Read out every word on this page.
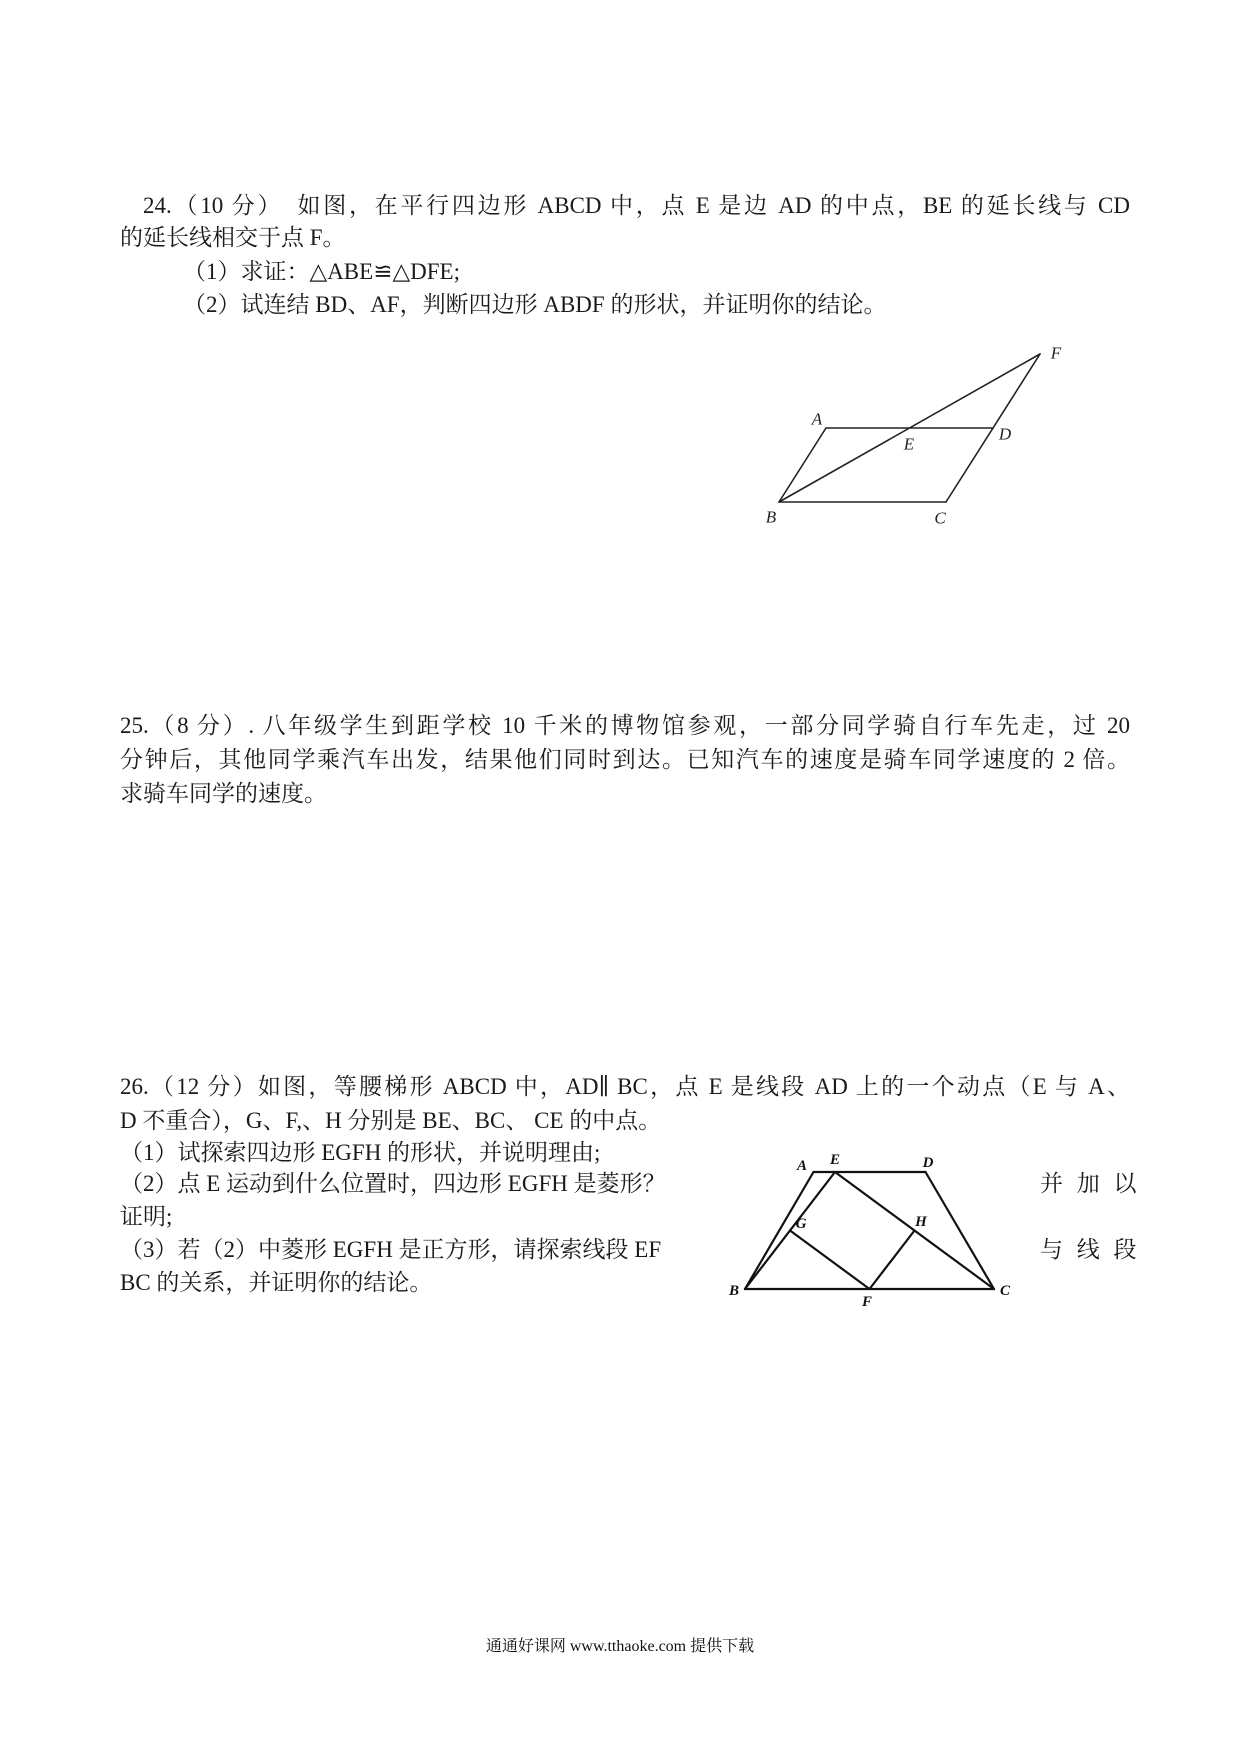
24.（10 分）　如图，在平行四边形 ABCD 中，点 E 是边 AD 的中点，BE 的延长线与 CD
的延长线相交于点 F。
（1）求证：△ABE≌△DFE;
（2）试连结 BD、AF，判断四边形 ABDF 的形状，并证明你的结论。
A
E
D
F
B	C
25.（8 分）. 八年级学生到距学校 10 千米的博物馆参观，一部分同学骑自行车先走，过 20
分钟后，其他同学乘汽车出发，结果他们同时到达。已知汽车的速度是骑车同学速度的 2 倍。
求骑车同学的速度。
26.（12 分）如图，等腰梯形 ABCD 中，AD∥ BC，点 E 是线段 AD 上的一个动点（E 与 A、
D 不重合），G、F,、H 分别是 BE、BC、 CE 的中点。
（1）试探索四边形 EGFH 的形状，并说明理由;
（2）点 E 运动到什么位置时，四边形 EGFH 是菱形？	并 加 以
证明;
（3）若（2）中菱形 EGFH 是正方形，请探索线段 EF	与 线 段
BC 的关系，并证明你的结论。
A E	D
B
F
C
G	H
通通好课网 www.tthaoke.com 提供下载
